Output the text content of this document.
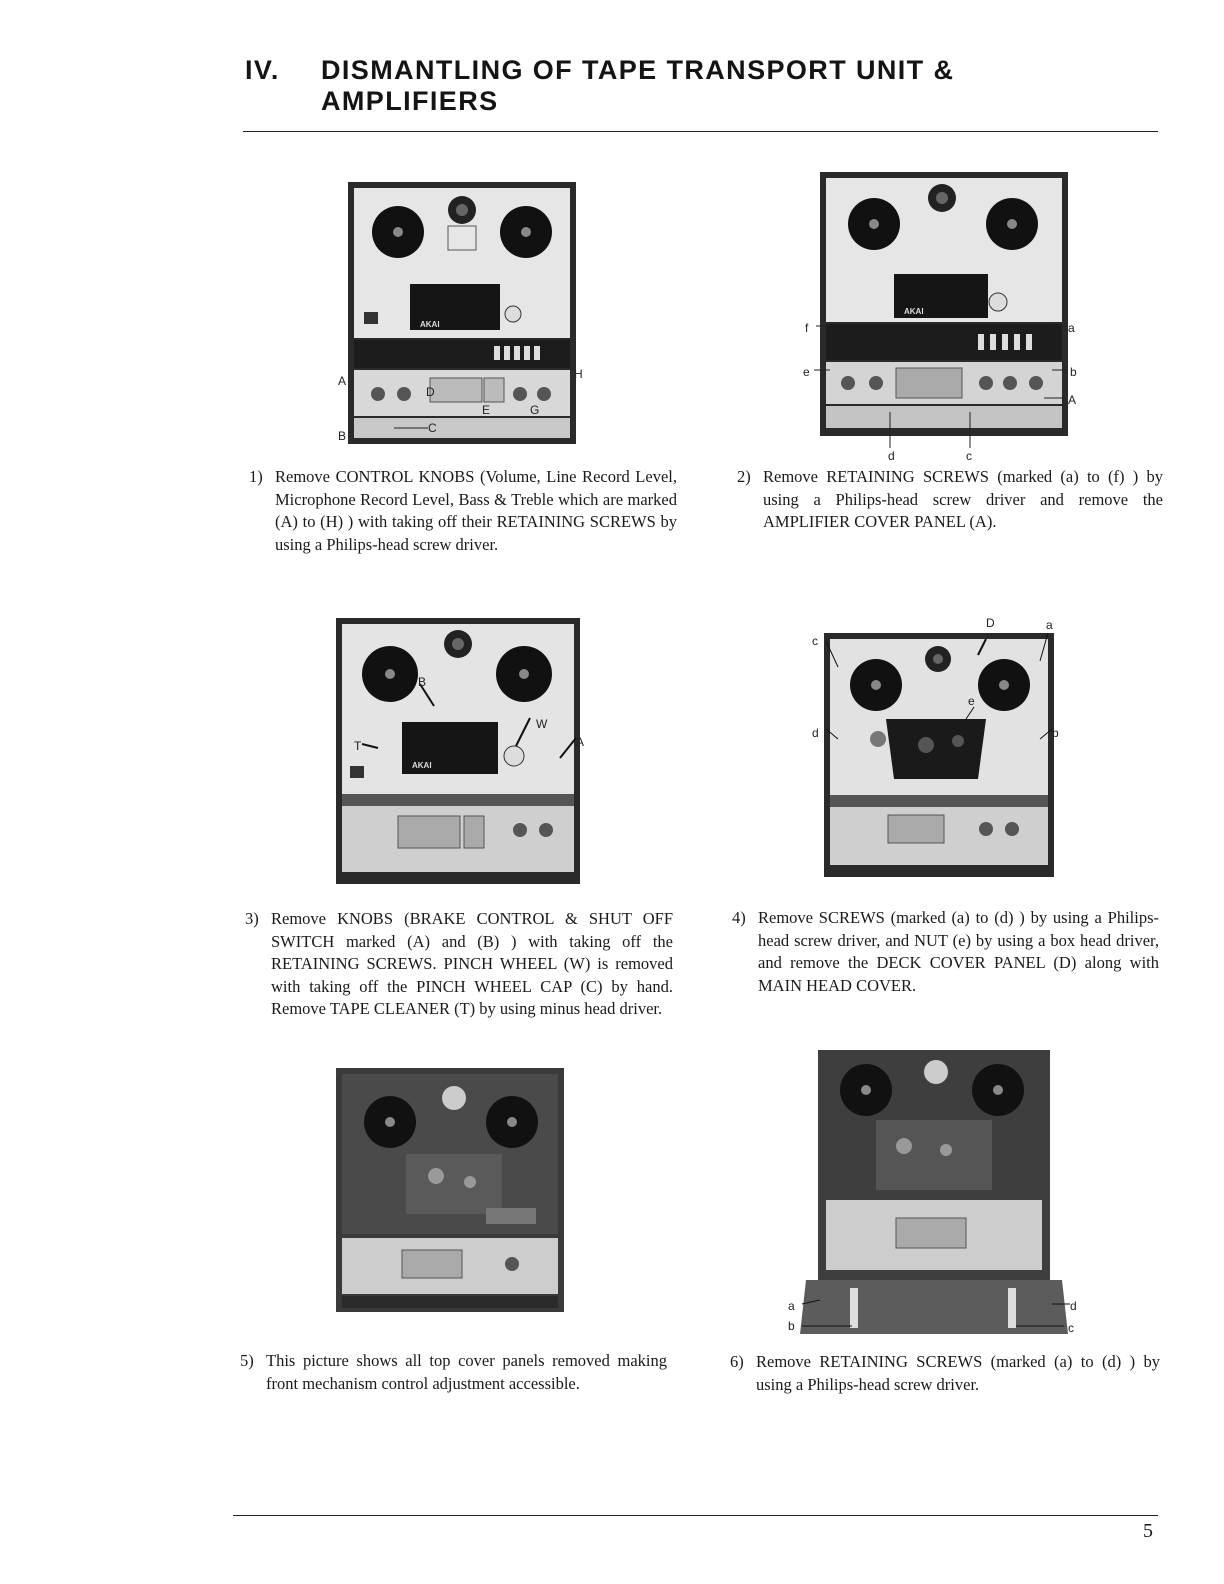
IV. DISMANTLING OF TAPE TRANSPORT UNIT &
AMPLIFIERS
AKAI
A
B
C
D
E	G
H

1) Remove CONTROL KNOBS (Volume, Line Record Level, Microphone Record Level, Bass & Treble which are marked (A) to (H) ) with taking off their RETAINING SCREWS by using a Philips-head screw driver.

AKAI
a
b
c
d
e
f
A

2) Remove RETAINING SCREWS (marked (a) to (f) ) by using a Philips-head screw driver and remove the AMPLIFIER COVER PANEL (A).

AKAI
A
B
W
T

3) Remove KNOBS (BRAKE CONTROL & SHUT OFF SWITCH marked (A) and (B) ) with taking off the RETAINING SCREWS. PINCH WHEEL (W) is removed with taking off the PINCH WHEEL CAP (C) by hand. Remove TAPE CLEANER (T) by using minus head driver.

D	a
b
c
d
e

4) Remove SCREWS (marked (a) to (d) ) by using a Philips-head screw driver, and NUT (e) by using a box head driver, and remove the DECK COVER PANEL (D) along with MAIN HEAD COVER.

5) This picture shows all top cover panels removed making front mechanism control adjustment accessible.

a
b	c
d

6) Remove RETAINING SCREWS (marked (a) to (d) ) by using a Philips-head screw driver.

5
